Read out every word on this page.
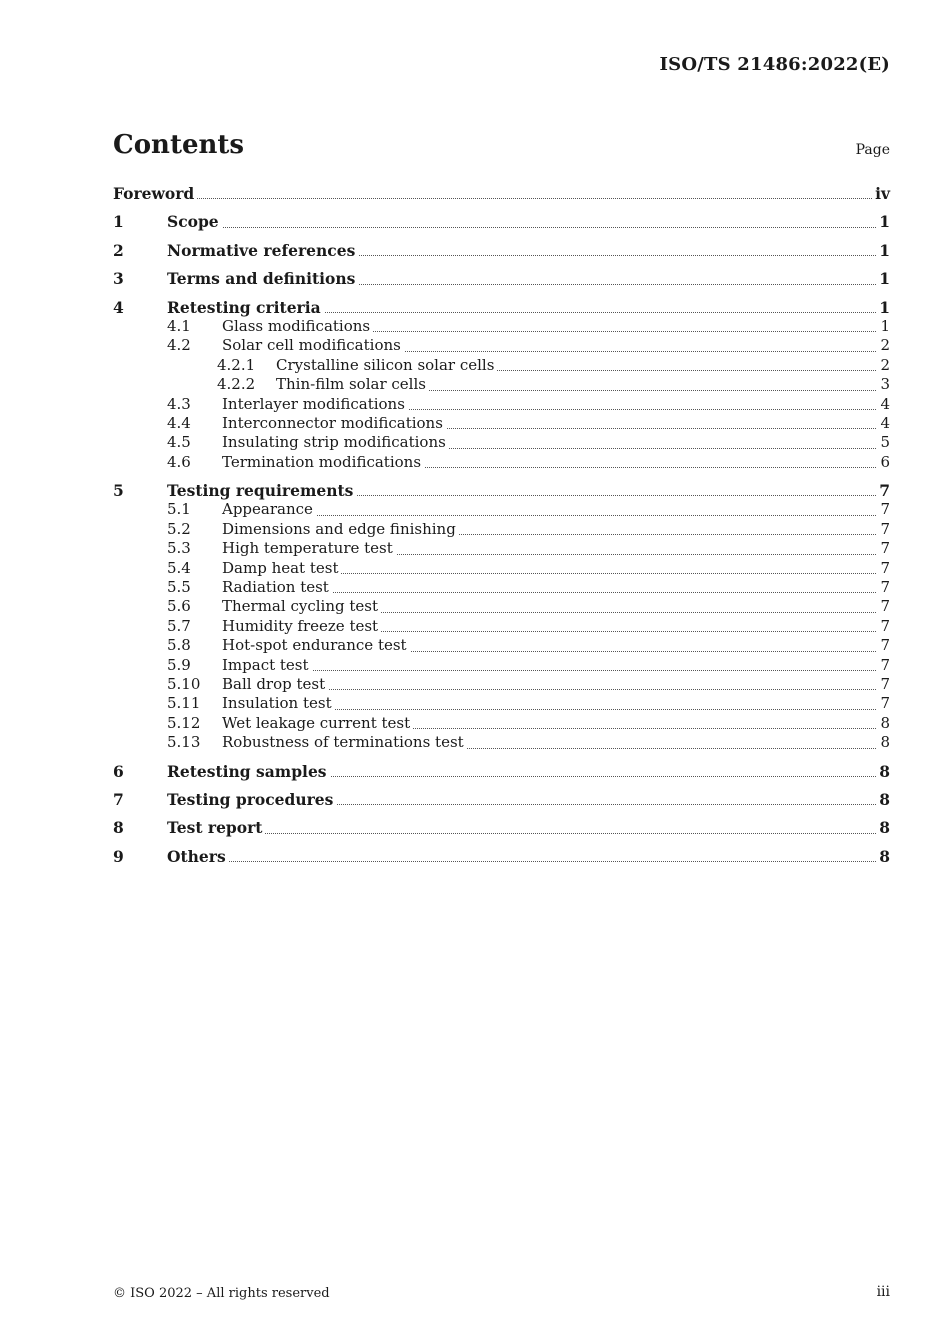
ISO/TS 21486:2022(E)
Contents	Page
Foreword	iv
1	Scope	1
2	Normative references	1
3	Terms and definitions	1
4	Retesting criteria	1
4.1 Glass modifications	1
4.2 Solar cell modifications	2
4.2.1 Crystalline silicon solar cells	2
4.2.2 Thin-film solar cells	3
4.3 Interlayer modifications	4
4.4 Interconnector modifications	4
4.5 Insulating strip modifications	5
4.6 Termination modifications	6
5	Testing requirements	7
5.1 Appearance	7
5.2 Dimensions and edge finishing	7
5.3 High temperature test	7
5.4 Damp heat test	7
5.5 Radiation test	7
5.6 Thermal cycling test	7
5.7 Humidity freeze test	7
5.8 Hot-spot endurance test	7
5.9 Impact test	7
5.10 Ball drop test	7
5.11 Insulation test	7
5.12 Wet leakage current test	8
5.13 Robustness of terminations test	8
6	Retesting samples	8
7	Testing procedures	8
8	Test report	8
9	Others	8
© ISO 2022 – All rights reserved	iii
